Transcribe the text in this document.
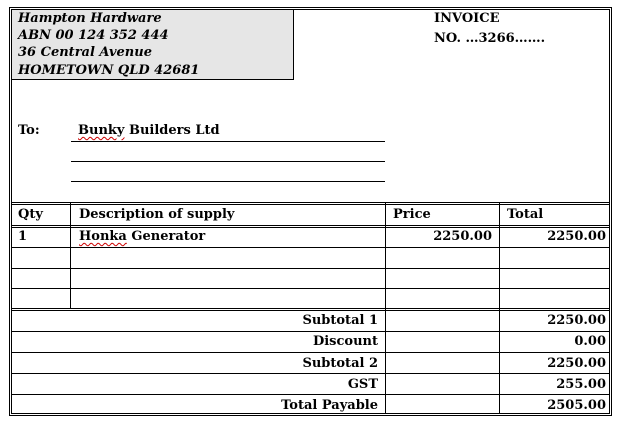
Hampton Hardware
ABN 00 124 352 444
36 Central Avenue
HOMETOWN QLD 42681
INVOICE
NO. …3266…….
To:	Bunky Builders Ltd
Qty	Description of supply	Price	Total
1	Honka Generator	2250.00	2250.00
Subtotal 1	2250.00
Discount	0.00
Subtotal 2	2250.00
GST	255.00
Total Payable	2505.00
